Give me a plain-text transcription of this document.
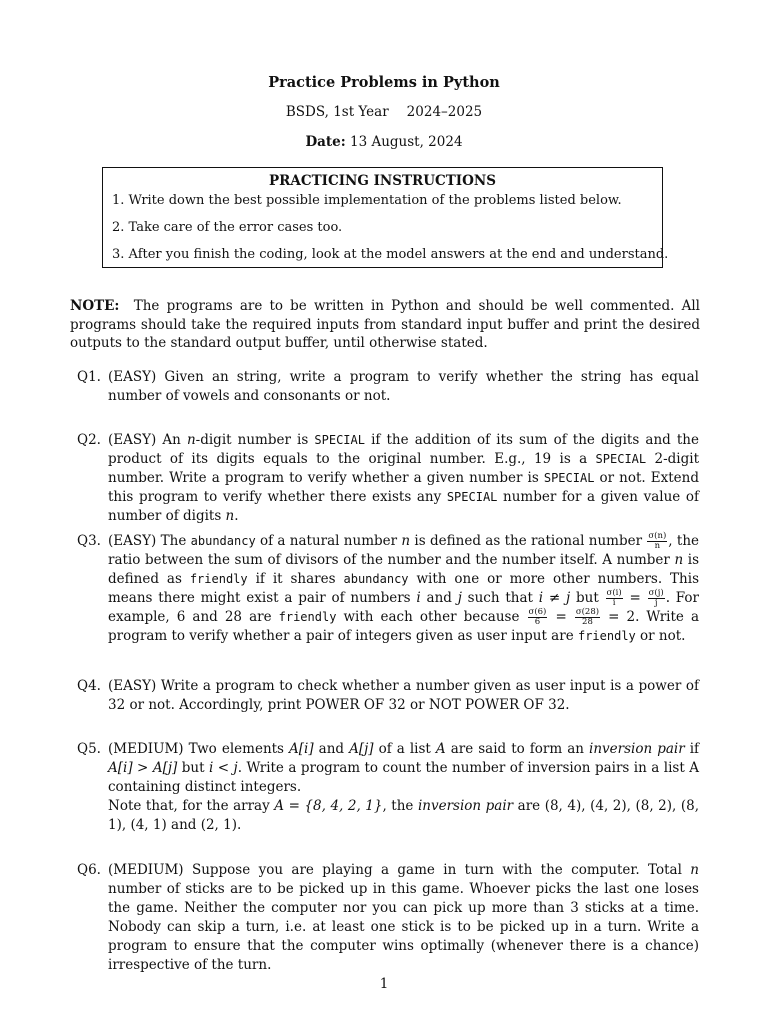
Practice Problems in Python
BSDS, 1st Year 2024–2025
Date: 13 August, 2024
PRACTICING INSTRUCTIONS
1. Write down the best possible implementation of the problems listed below.
2. Take care of the error cases too.
3. After you finish the coding, look at the model answers at the end and understand.
NOTE: The programs are to be written in Python and should be well commented. All programs should take the required inputs from standard input buffer and print the desired outputs to the standard output buffer, until otherwise stated.
Q1. (EASY) Given an string, write a program to verify whether the string has equal number of vowels and consonants or not.
Q2. (EASY) An n-digit number is SPECIAL if the addition of its sum of the digits and the product of its digits equals to the original number. E.g., 19 is a SPECIAL 2-digit number. Write a program to verify whether a given number is SPECIAL or not. Extend this program to verify whether there exists any SPECIAL number for a given value of number of digits n.
Q3. (EASY) The abundancy of a natural number n is defined as the rational number $\frac{\sigma(n)}{n}$ , the ratio between the sum of divisors of the number and the number itself. A number n is defined as friendly if it shares abundancy with one or more other numbers. This means there might exist a pair of numbers i and j such that i ≠ j but $\frac{\sigma(i)}{i} = \frac{\sigma(j)}{j}$ . For example, 6 and 28 are friendly with each other because $\frac{\sigma(6)}{6} = \frac{\sigma(28)}{28} = 2$. Write a program to verify whether a pair of integers given as user input are friendly or not.
Q4. (EASY) Write a program to check whether a number given as user input is a power of 32 or not. Accordingly, print POWER OF 32 or NOT POWER OF 32.
Q5. (MEDIUM) Two elements A[i] and A[j] of a list A are said to form an inversion pair if A[i] > A[j] but i < j. Write a program to count the number of inversion pairs in a list A containing distinct integers.
Note that, for the array A = {8, 4, 2, 1}, the inversion pair are (8, 4), (4, 2), (8, 2), (8, 1), (4, 1) and (2, 1).
Q6. (MEDIUM) Suppose you are playing a game in turn with the computer. Total n number of sticks are to be picked up in this game. Whoever picks the last one loses the game. Neither the computer nor you can pick up more than 3 sticks at a time. Nobody can skip a turn, i.e. at least one stick is to be picked up in a turn. Write a program to ensure that the computer wins optimally (whenever there is a chance) irrespective of the turn.
1
